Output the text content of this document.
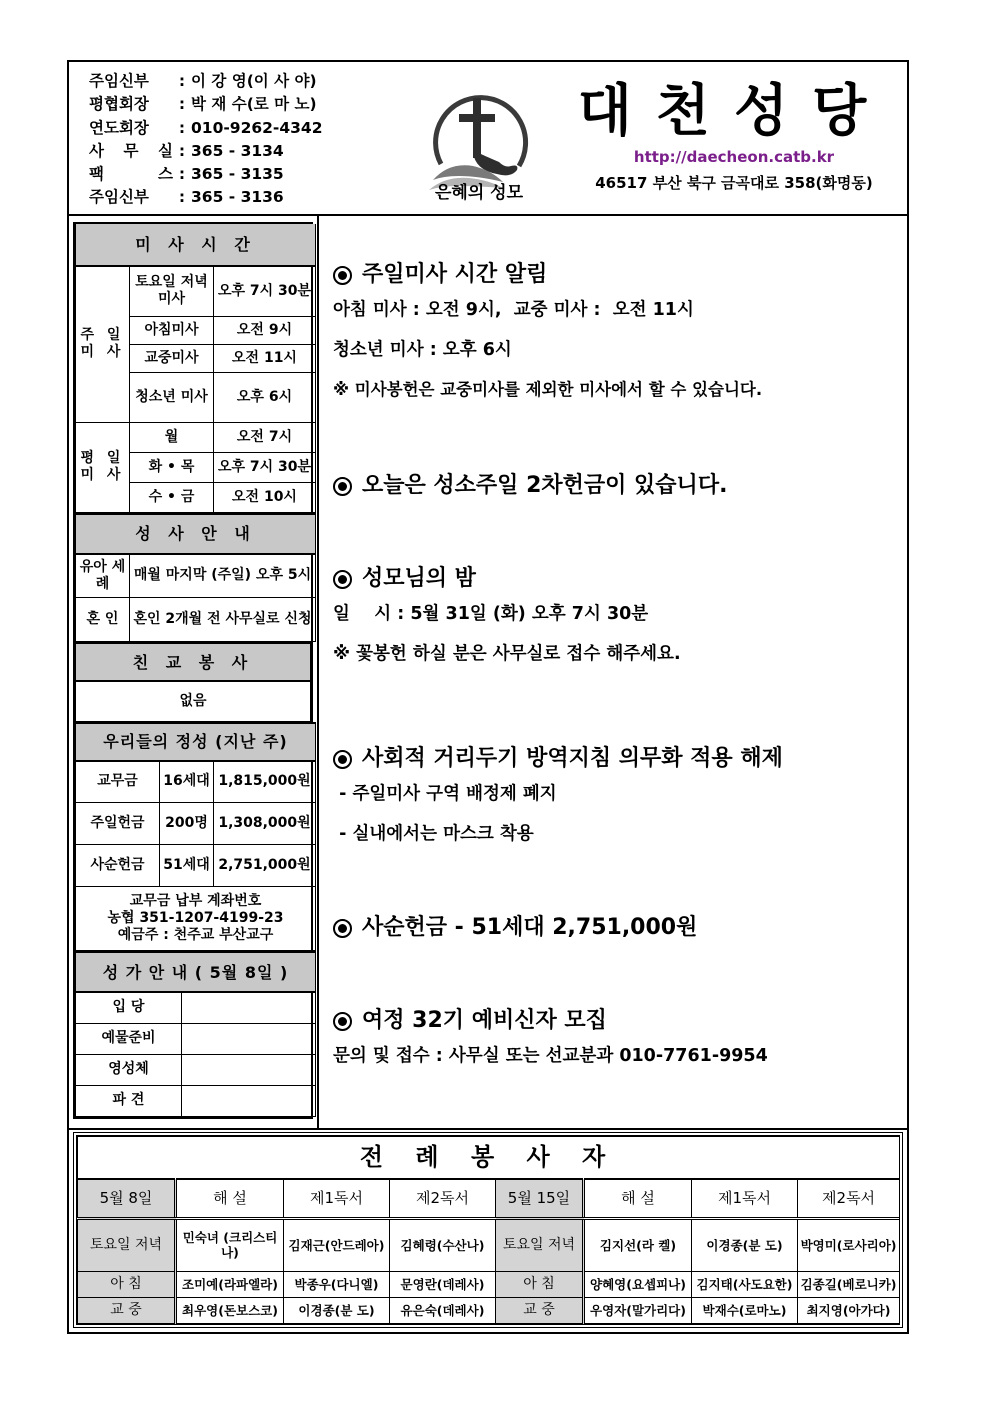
주임신부	: 이 강 영(이 사 야)
평협회장	: 박 재 수(로 마 노)
연도회장	: 010-9262-4342
사 무 실 : 365 - 3134
팩      스 : 365 - 3135
주임신부	: 365 - 3136	은혜의 성모
대천성당
http://daecheon.catb.kr
46517 부산 북구 금곡대로 358(화명동)
미 사 시 간		
주 일 미 사	토요일 저녁미사	오후 7시 30분
	아침미사	오전 9시
	교중미사	오전 11시
	청소년 미사	오후 6시
평 일 미 사	월	오전 7시
	화 • 목	오후 7시 30분
	수 • 금	오전 10시
성 사 안 내	
유아 세례	매월 마지막 (주일) 오후 5시
혼 인	혼인 2개월 전 사무실로 신청
친 교 봉 사
없음
우리들의 정성 (지난 주)		
교무금	16세대	1,815,000원
주일헌금	200명	1,308,000원
사순헌금	51세대	2,751,000원

교무금 납부 계좌번호
농협 351-1207-4199-23
예금주 : 천주교 부산교구		
성 가 안 내 ( 5월 8일 )	
입 당	
예물준비	
영성체	
파 견	
주일미사 시간 알림
아침 미사 : 오전 9시,  교중 미사 :  오전 11시
청소년 미사 : 오후 6시
※ 미사봉헌은 교중미사를 제외한 미사에서 할 수 있습니다.
오늘은 성소주일 2차헌금이 있습니다.
성모님의 밤
일    시 : 5월 31일 (화) 오후 7시 30분
※ 꽃봉헌 하실 분은 사무실로 접수 해주세요.
사회적 거리두기 방역지침 의무화 적용 해제
- 주일미사 구역 배정제 폐지
- 실내에서는 마스크 착용
사순헌금 - 51세대 2,751,000원
여정 32기 예비신자 모집
문의 및 접수 : 사무실 또는 선교분과 010-7761-9954
전 례 봉 사 자							
5월 8일	해 설	제1독서	제2독서	5월 15일	해 설	제1독서	제2독서
토요일 저녁	민숙녀 (크리스티나)	김재근(안드레아)	김혜령(수산나)	토요일 저녁	김지선(라 켈)	이경종(분 도)	박영미(로사리아)
아 침	조미예(라파엘라)	박종우(다니엘)	문영란(데레사)	아 침	양혜영(요셉피나)	김지태(사도요한)	김종길(베로니카)
교 중	최우영(돈보스코)	이경종(분 도)	유은숙(데레사)	교 중	우영자(말가리다)	박재수(로마노)	최지영(아가다)
